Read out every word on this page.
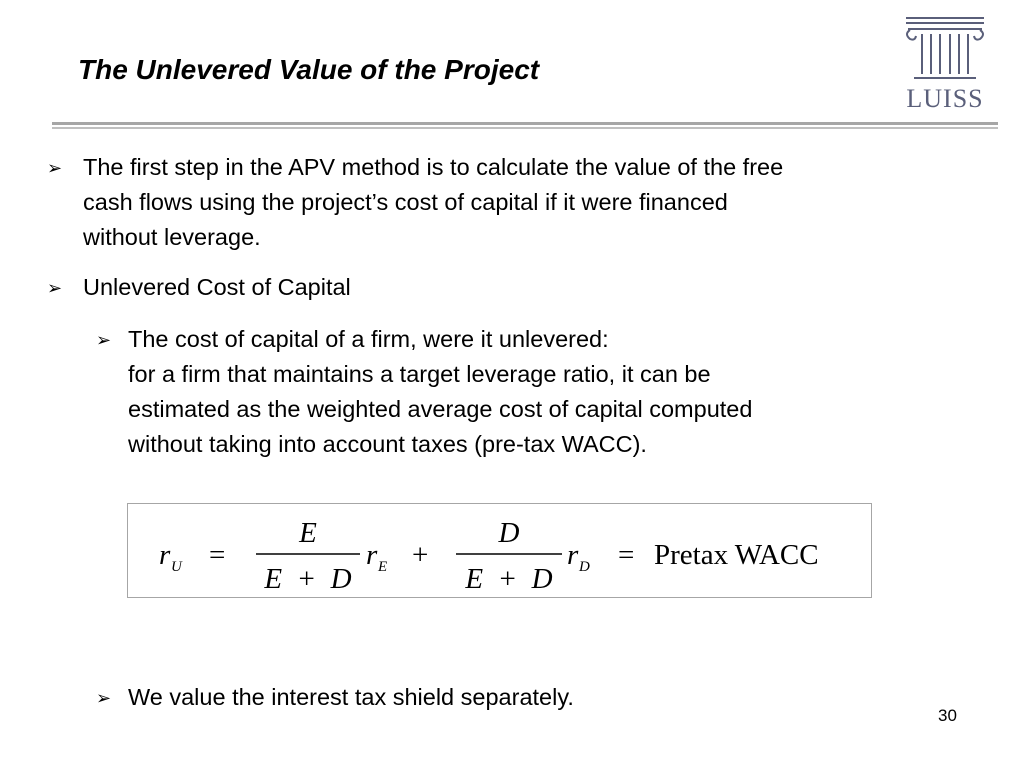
The Unlevered Value of the Project
LUISS
➢ The first step in the APV method is to calculate the value of the free
cash flows using the project’s cost of capital if it were financed
without leverage.
➢ Unlevered Cost of Capital
➢ The cost of capital of a firm, were it unlevered:
for a firm that maintains a target leverage ratio, it can be
estimated as the weighted average cost of capital computed
without taking into account taxes (pre-tax WACC).
r U =
E
E  +  D
r E +
D
E  +  D
r D = Pretax WACC
➢ We value the interest tax shield separately.
30
